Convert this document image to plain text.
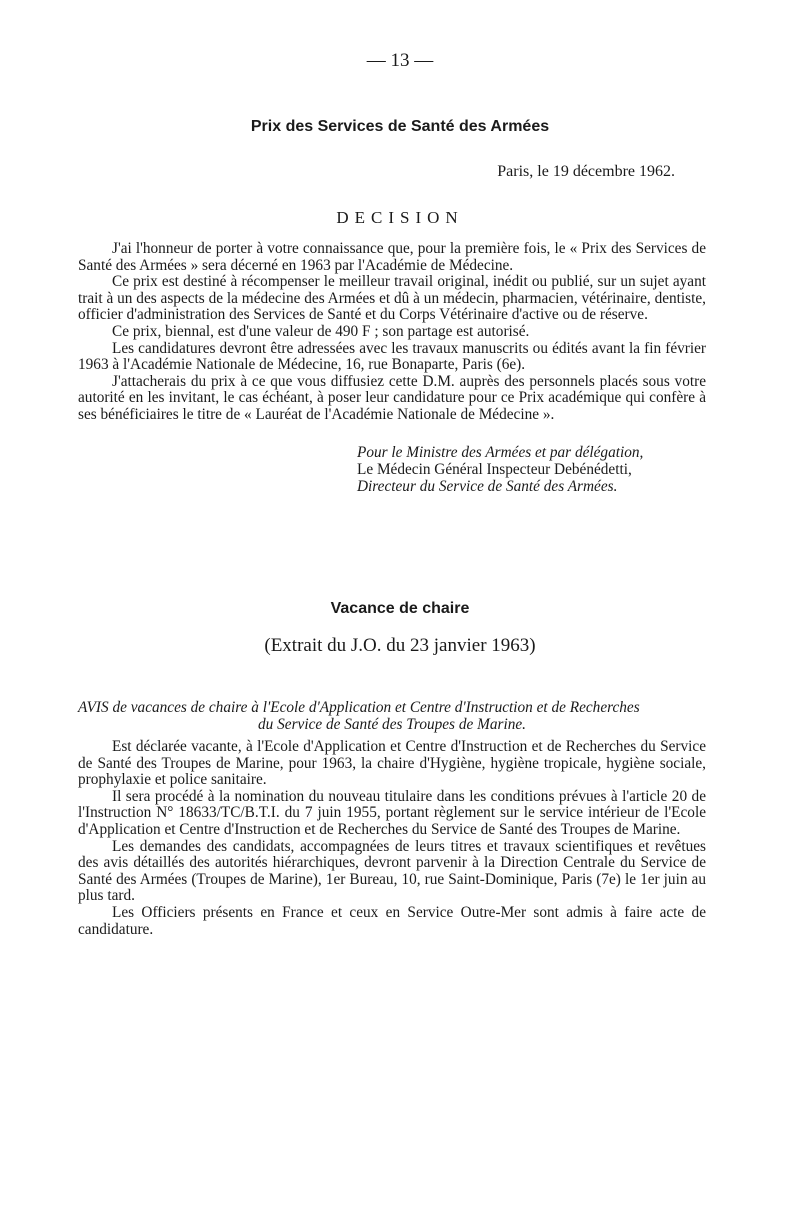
— 13 —
Prix des Services de Santé des Armées
Paris, le 19 décembre 1962.
DECISION

J'ai l'honneur de porter à votre connaissance que, pour la première fois, le « Prix des Services de Santé des Armées » sera décerné en 1963 par l'Académie de Médecine.

Ce prix est destiné à récompenser le meilleur travail original, inédit ou publié, sur un sujet ayant trait à un des aspects de la médecine des Armées et dû à un médecin, pharmacien, vétérinaire, dentiste, officier d'administration des Services de Santé et du Corps Vétérinaire d'active ou de réserve.

Ce prix, biennal, est d'une valeur de 490 F ; son partage est autorisé.

Les candidatures devront être adressées avec les travaux manuscrits ou édités avant la fin février 1963 à l'Académie Nationale de Médecine, 16, rue Bonaparte, Paris (6e).

J'attacherais du prix à ce que vous diffusiez cette D.M. auprès des personnels placés sous votre autorité en les invitant, le cas échéant, à poser leur candidature pour ce Prix académique qui confère à ses bénéficiaires le titre de « Lauréat de l'Académie Nationale de Médecine ».

Pour le Ministre des Armées et par délégation,
Le Médecin Général Inspecteur Debénédetti,
Directeur du Service de Santé des Armées.
Vacance de chaire
(Extrait du J.O. du 23 janvier 1963)

AVIS de vacances de chaire à l'Ecole d'Application et Centre d'Instruction et de Recherches

du Service de Santé des Troupes de Marine.

Est déclarée vacante, à l'Ecole d'Application et Centre d'Instruction et de Recherches du Service de Santé des Troupes de Marine, pour 1963, la chaire d'Hygiène, hygiène tropicale, hygiène sociale, prophylaxie et police sanitaire.

Il sera procédé à la nomination du nouveau titulaire dans les conditions prévues à l'article 20 de l'Instruction N° 18633/TC/B.T.I. du 7 juin 1955, portant règlement sur le service intérieur de l'Ecole d'Application et Centre d'Instruction et de Recherches du Service de Santé des Troupes de Marine.

Les demandes des candidats, accompagnées de leurs titres et travaux scientifiques et revêtues des avis détaillés des autorités hiérarchiques, devront parvenir à la Direction Centrale du Service de Santé des Armées (Troupes de Marine), 1er Bureau, 10, rue Saint-Dominique, Paris (7e) le 1er juin au plus tard.

Les Officiers présents en France et ceux en Service Outre-Mer sont admis à faire acte de candidature.
